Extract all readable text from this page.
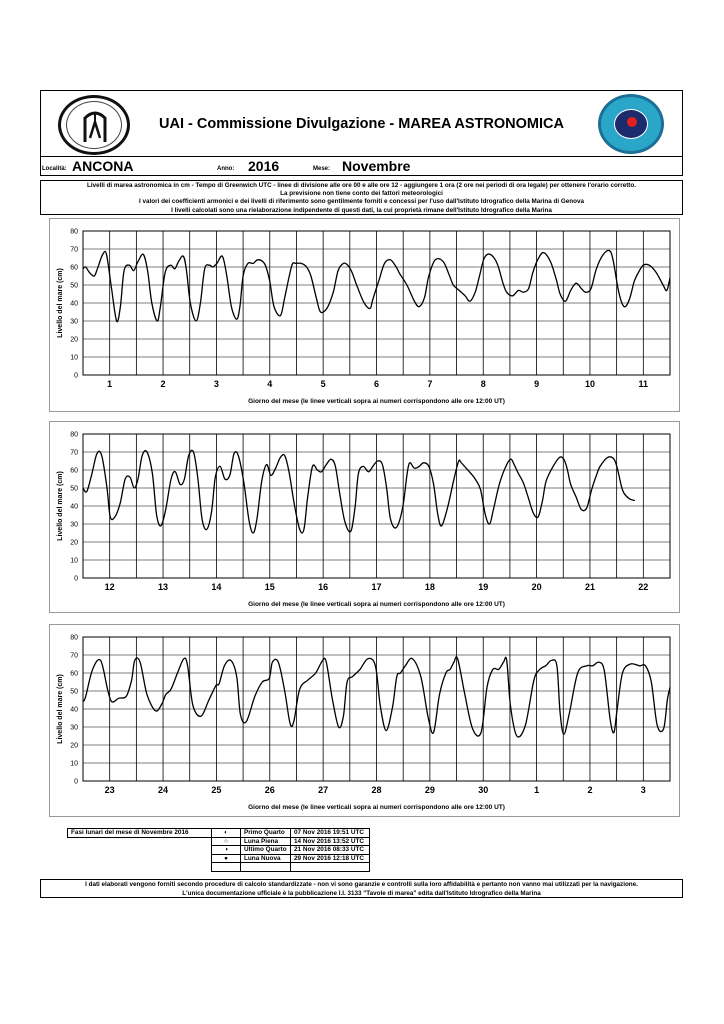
UAI - Commissione Divulgazione - MAREA ASTRONOMICA
Località: ANCONA	Anno: 2016	Mese: Novembre
Livelli di marea astronomica in cm - Tempo di Greenwich UTC - linee di divisione alle ore 00 e alle ore 12 - aggiungere 1 ora (2 ore nei periodi di ora legale) per ottenere l'orario corretto.
La previsione non tiene conto dei fattori meteorologici
I valori dei coefficienti armonici e dei livelli di riferimento sono gentilmente forniti e concessi per l'uso dall'Istituto Idrografico della Marina di Genova
I livelli calcolati sono una rielaborazione indipendente di questi dati, la cui proprietà rimane dell'Istituto Idrografico della Marina
0
10
20
30
40
50
60
70
80
1	2	3	4	5	6	7	8	9	10	11
Livello del mare (cm)
Giorno del mese (le linee verticali sopra ai numeri corrispondono alle ore 12:00 UT)
0
10
20
30
40
50
60
70
80
12	13	14	15	16	17	18	19	20	21	22
Livello del mare (cm)
Giorno del mese (le linee verticali sopra ai numeri corrispondono alle ore 12:00 UT)
0
10
20
30
40
50
60
70
80
23	24	25	26	27	28	29	30	1	2	3
Livello del mare (cm)
Giorno del mese (le linee verticali sopra ai numeri corrispondono alle ore 12:00 UT)
Fasi lunari del mese di Novembre 2016	◐	Primo Quarto	07 Nov 2016 19:51 UTC
	○	Luna Piena	14 Nov 2016 13:52 UTC
	◑	Ultimo Quarto	21 Nov 2016 08:33 UTC
	●	Luna Nuova	29 Nov 2016 12:18 UTC

I dati elaborati vengono forniti secondo procedure di calcolo standardizzate - non vi sono garanzie e controlli sulla loro affidabilità e pertanto non vanno mai utilizzati per la navigazione.
L'unica documentazione ufficiale è la pubblicazione I.I. 3133 "Tavole di marea" edita dall'Istituto Idrografico della Marina
